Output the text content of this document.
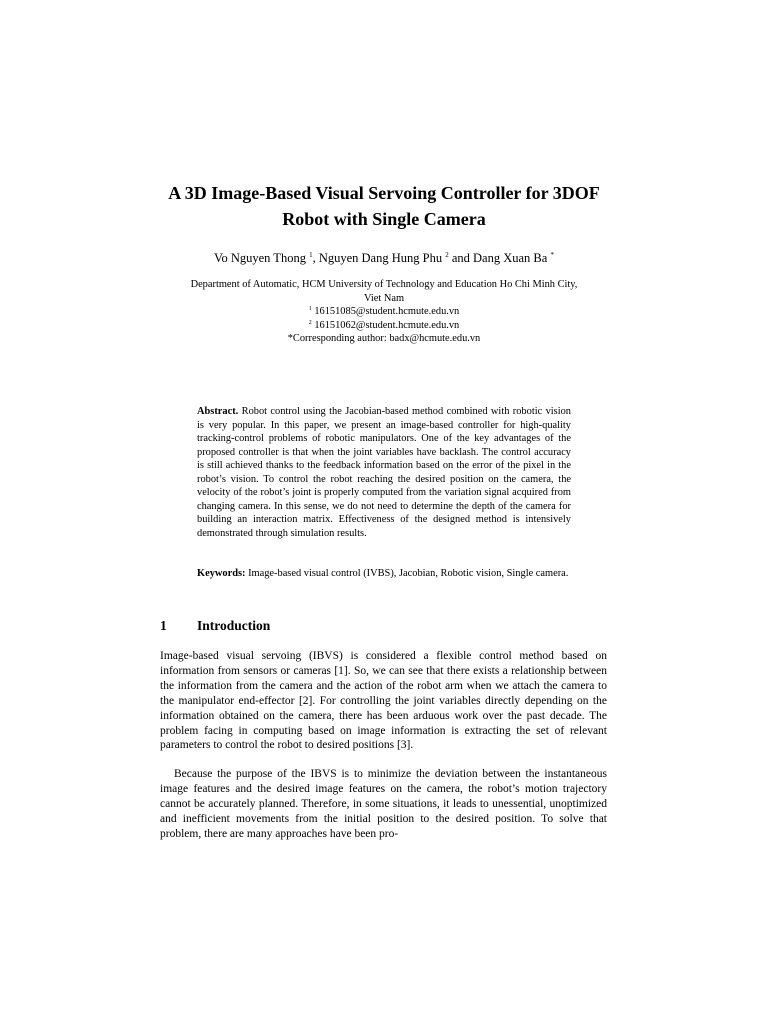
A 3D Image-Based Visual Servoing Controller for 3DOF
Robot with Single Camera
Vo Nguyen Thong $^1$, Nguyen Dang Hung Phu $^2$ and Dang Xuan Ba *
Department of Automatic, HCM University of Technology and Education Ho Chi Minh City,
Viet Nam
$^1$ 16151085@student.hcmute.edu.vn
$^2$ 16151062@student.hcmute.edu.vn
*Corresponding author: badx@hcmute.edu.vn
Abstract. Robot control using the Jacobian-based method combined with robotic vision is very popular. In this paper, we present an image-based controller for high-quality tracking-control problems of robotic manipulators. One of the key advantages of the proposed controller is that when the joint variables have backlash. The control accuracy is still achieved thanks to the feedback information based on the error of the pixel in the robot’s vision. To control the robot reaching the desired position on the camera, the velocity of the robot’s joint is properly computed from the variation signal acquired from changing camera. In this sense, we do not need to determine the depth of the camera for building an interaction matrix. Effectiveness of the designed method is intensively demonstrated through simulation results.
Keywords: Image-based visual control (IVBS), Jacobian, Robotic vision, Single camera.
1 Introduction
Image-based visual servoing (IBVS) is considered a flexible control method based on information from sensors or cameras [1]. So, we can see that there exists a relationship between the information from the camera and the action of the robot arm when we attach the camera to the manipulator end-effector [2]. For controlling the joint variables directly depending on the information obtained on the camera, there has been arduous work over the past decade. The problem facing in computing based on image information is extracting the set of relevant parameters to control the robot to desired positions [3].
Because the purpose of the IBVS is to minimize the deviation between the instantaneous image features and the desired image features on the camera, the robot’s motion trajectory cannot be accurately planned. Therefore, in some situations, it leads to unessential, unoptimized and inefficient movements from the initial position to the desired position. To solve that problem, there are many approaches have been pro-
